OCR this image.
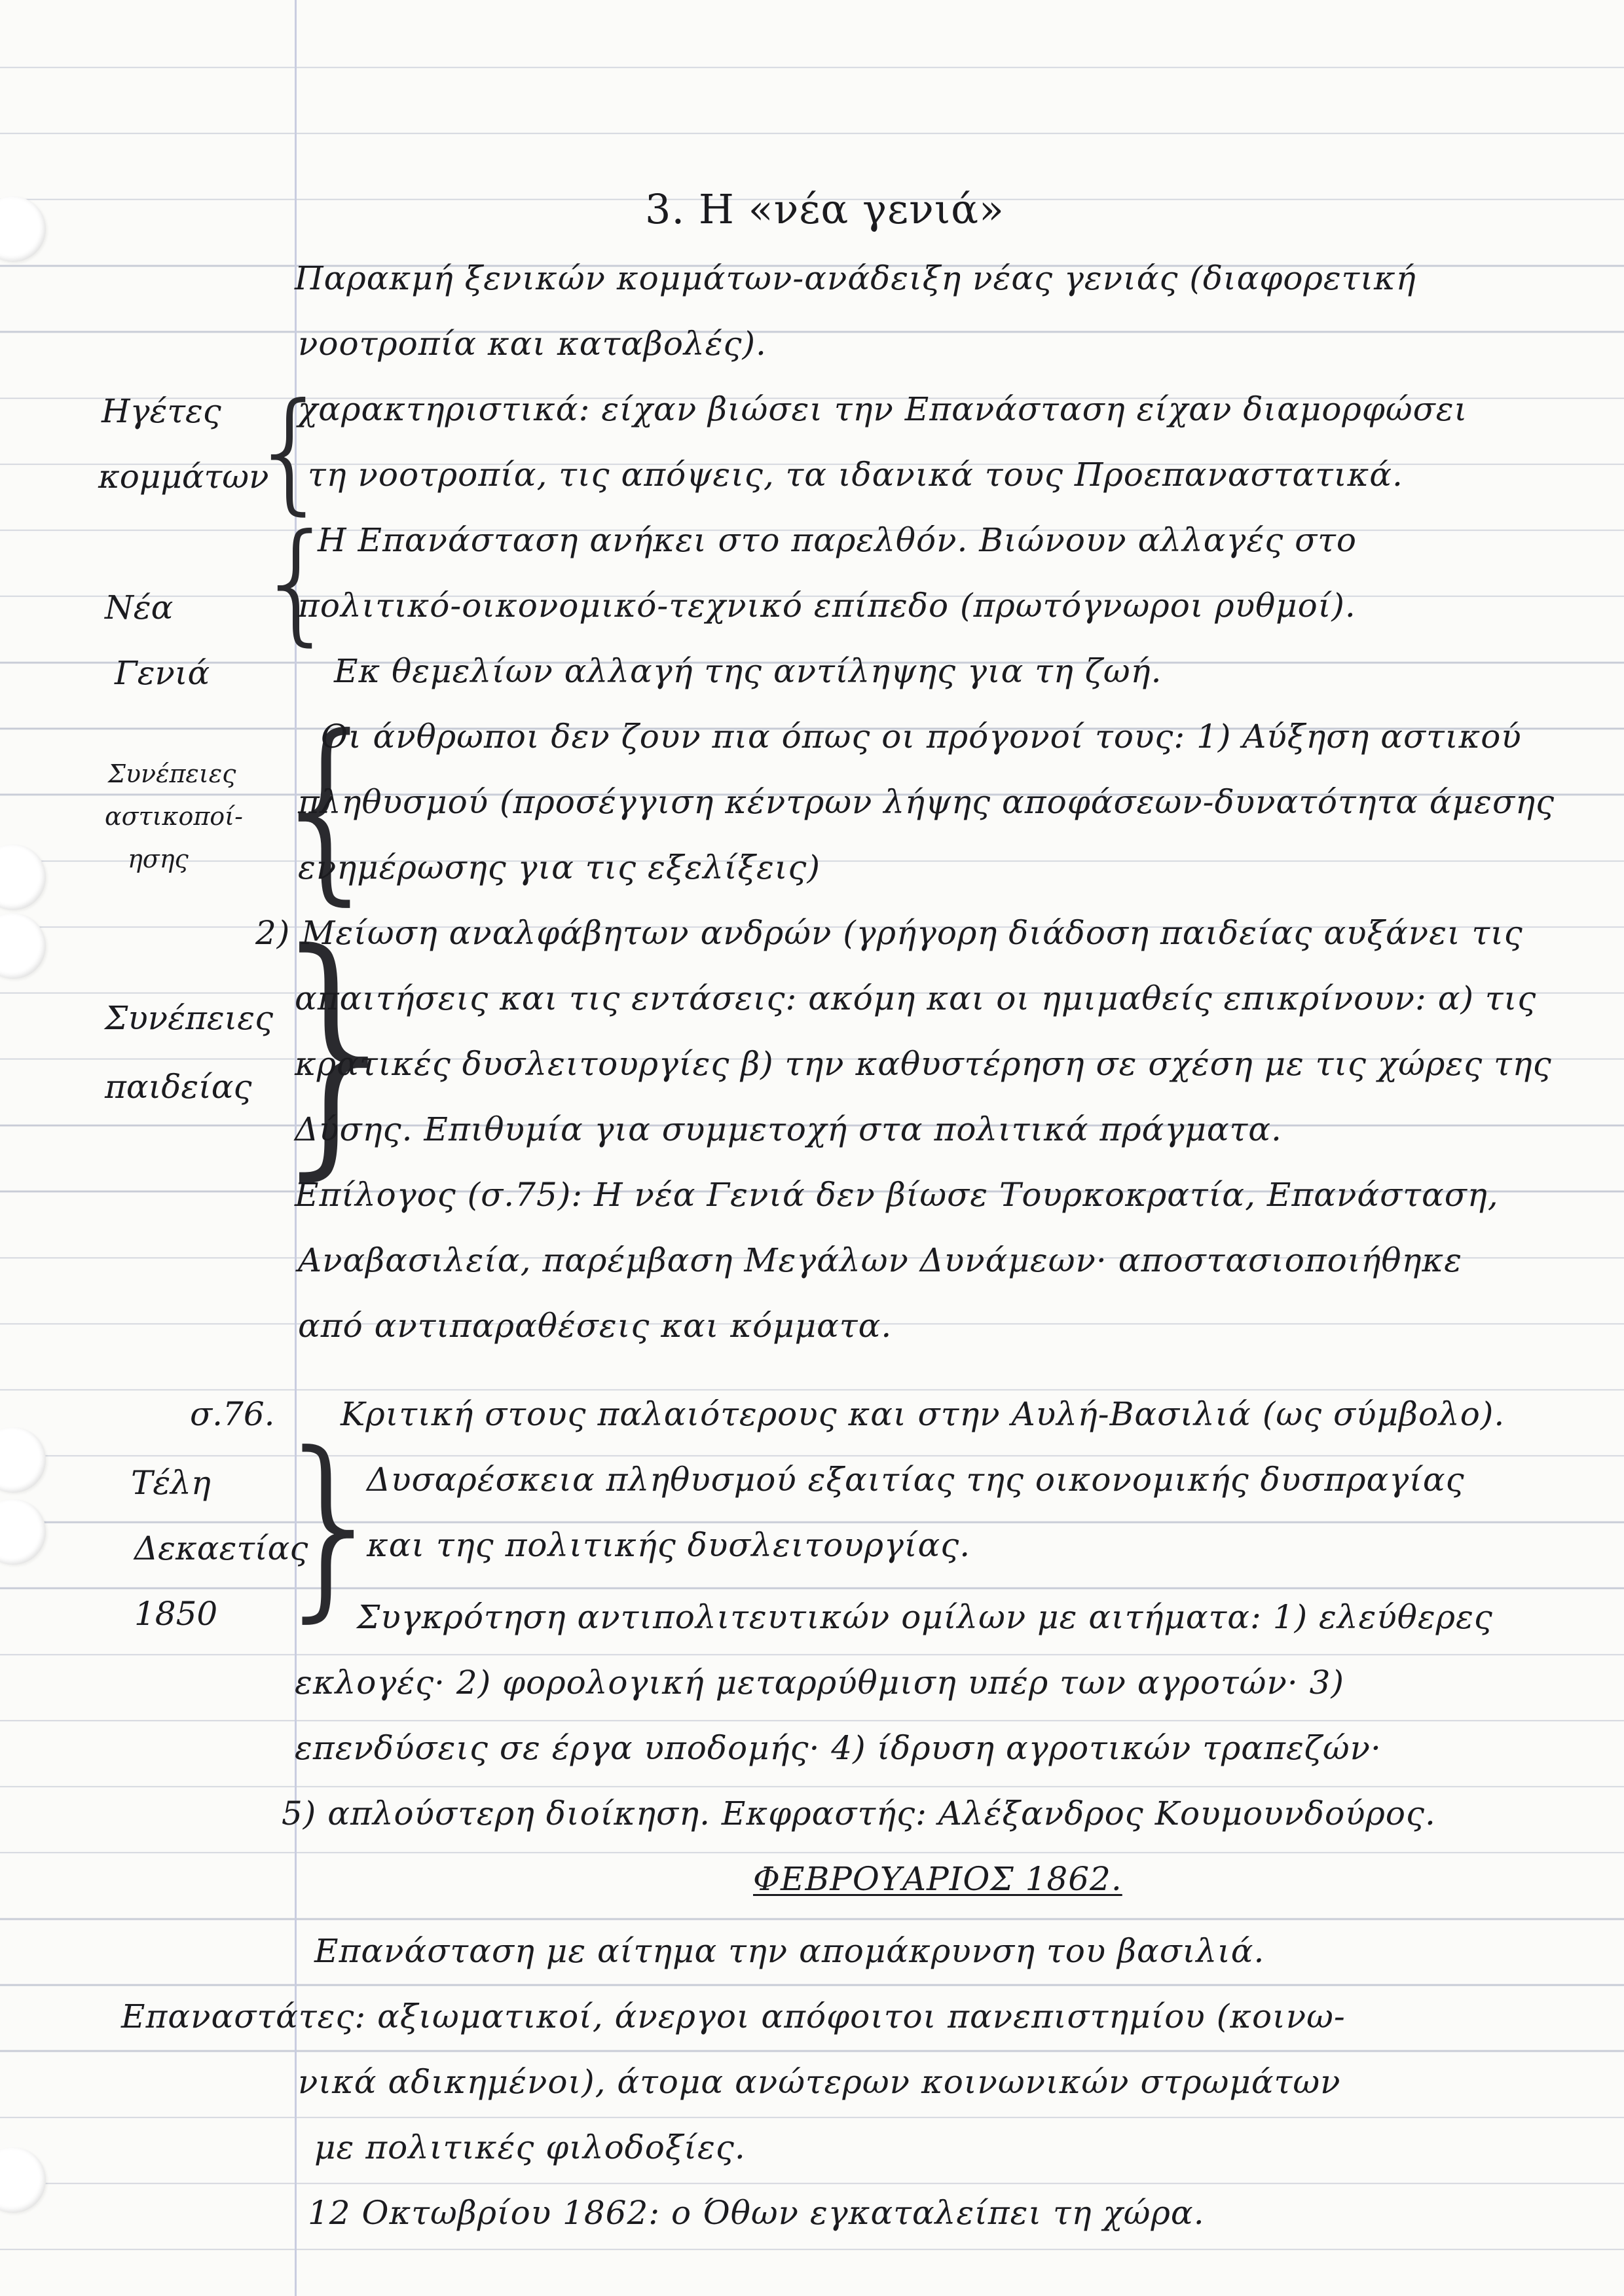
3. Η «νέα γενιά»
Ηγέτες
κομμάτων
Νέα
Γενιά
Συνέπειες
αστικοποί-
ησης
Συνέπειες
παιδείας
σ.76.
Τέλη
Δεκαετίας
1850
{
{
{
{
{
Παρακμή ξενικών κομμάτων-ανάδειξη νέας γενιάς (διαφορετική
νοοτροπία και καταβολές).
χαρακτηριστικά: είχαν βιώσει την Επανάσταση είχαν διαμορφώσει
τη νοοτροπία, τις απόψεις, τα ιδανικά τους Προεπαναστατικά.
Η Επανάσταση ανήκει στο παρελθόν. Βιώνουν αλλαγές στο
πολιτικό-οικονομικό-τεχνικό επίπεδο (πρωτόγνωροι ρυθμοί).
Εκ θεμελίων αλλαγή της αντίληψης για τη ζωή.
Οι άνθρωποι δεν ζουν πια όπως οι πρόγονοί τους: 1) Αύξηση αστικού
πληθυσμού (προσέγγιση κέντρων λήψης αποφάσεων-δυνατότητα άμεσης
ενημέρωσης για τις εξελίξεις)
2) Μείωση αναλφάβητων ανδρών (γρήγορη διάδοση παιδείας αυξάνει τις
απαιτήσεις και τις εντάσεις: ακόμη και οι ημιμαθείς επικρίνουν: α) τις
κρατικές δυσλειτουργίες β) την καθυστέρηση σε σχέση με τις χώρες της
Δύσης. Επιθυμία για συμμετοχή στα πολιτικά πράγματα.
Επίλογος (σ.75): Η νέα Γενιά δεν βίωσε Τουρκοκρατία, Επανάσταση,
Αναβασιλεία, παρέμβαση Μεγάλων Δυνάμεων· αποστασιοποιήθηκε
από αντιπαραθέσεις και κόμματα.
Κριτική στους παλαιότερους και στην Αυλή-Βασιλιά (ως σύμβολο).
Δυσαρέσκεια πληθυσμού εξαιτίας της οικονομικής δυσπραγίας
και της πολιτικής δυσλειτουργίας.
Συγκρότηση αντιπολιτευτικών ομίλων με αιτήματα: 1) ελεύθερες
εκλογές· 2) φορολογική μεταρρύθμιση υπέρ των αγροτών· 3)
επενδύσεις σε έργα υποδομής· 4) ίδρυση αγροτικών τραπεζών·
5) απλούστερη διοίκηση. Εκφραστής: Αλέξανδρος Κουμουνδούρος.
ΦΕΒΡΟΥΑΡΙΟΣ 1862.
Επανάσταση με αίτημα την απομάκρυνση του βασιλιά.
Επαναστάτες: αξιωματικοί, άνεργοι απόφοιτοι πανεπιστημίου (κοινω-
νικά αδικημένοι), άτομα ανώτερων κοινωνικών στρωμάτων
με πολιτικές φιλοδοξίες.
12 Οκτωβρίου 1862: ο Όθων εγκαταλείπει τη χώρα.
